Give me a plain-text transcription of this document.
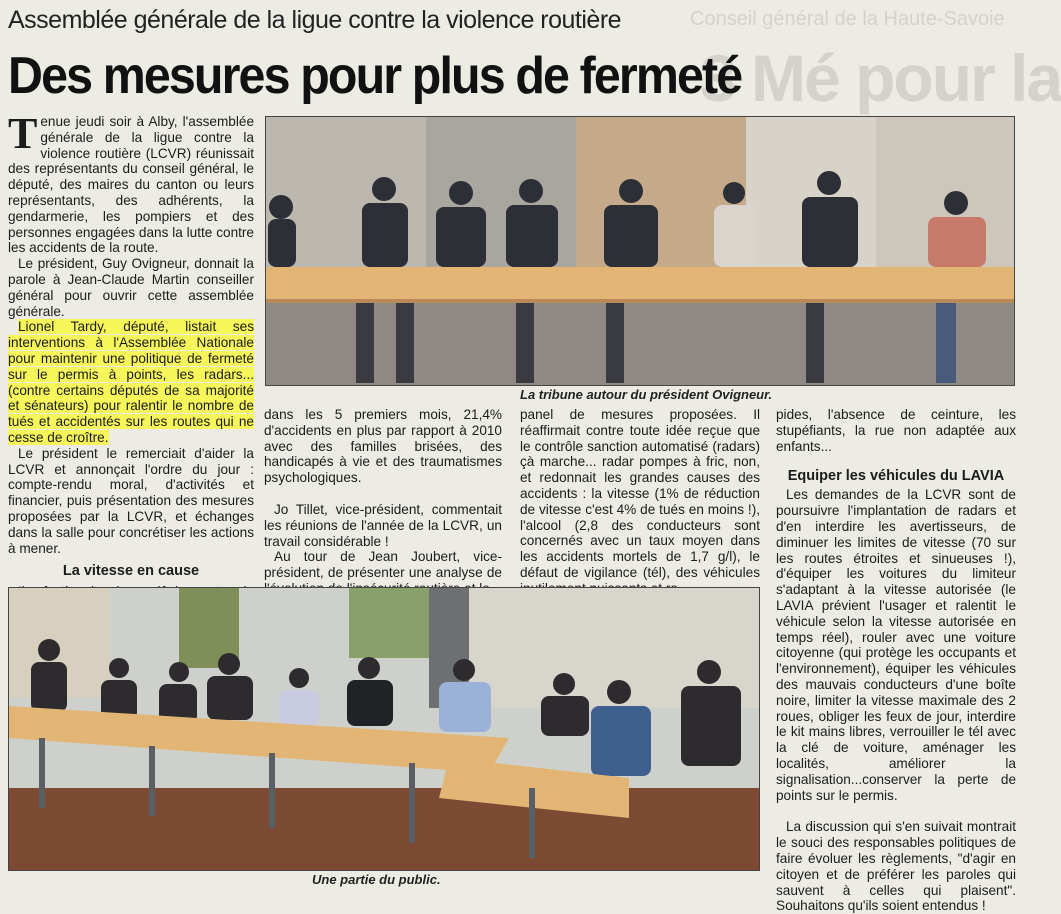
Conseil général de la Haute-Savoie
3 Mé pour la
Assemblée générale de la ligue contre la violence routière
Des mesures pour plus de fermeté

Tenue jeudi soir à Alby, l'assemblée générale de la ligue contre la violence routière (LCVR) réunissait des représentants du conseil général, le député, des maires du canton ou leurs représentants, des adhérents, la gendarmerie, les pompiers et des personnes engagées dans la lutte contre les accidents de la route.

Le président, Guy Ovigneur, donnait la parole à Jean-Claude Martin conseiller général pour ouvrir cette assemblée générale.

Lionel Tardy, député, listait ses interventions à l'Assemblée Nationale pour maintenir une politique de fermeté sur le permis à points, les radars... (contre certains députés de sa majorité et sénateurs) pour ralentir le nombre de tués et accidentés sur les routes qui ne cesse de croître.

Le président le remerciait d'aider la LCVR et annonçait l'ordre du jour : compte-rendu moral, d'activités et financier, puis présentation des mesures proposées par la LCVR, et échanges dans la salle pour concrétiser les actions à mener.

La vitesse en cause

dans les 5 premiers mois, 21,4% d'accidents en plus par rapport à 2010 avec des familles brisées, des handicapés à vie et des traumatismes psychologiques.

Jo Tillet, vice-président, commentait les réunions de l'année de la LCVR, un travail considérable !

Au tour de Jean Joubert, vice-président, de présenter une analyse de

panel de mesures proposées. Il réaffirmait contre toute idée reçue que le contrôle sanction automatisé (radars) çà marche... radar pompes à fric, non, et redonnait les grandes causes des accidents : la vitesse (1% de réduction de vitesse c'est 4% de tués en moins !), l'alcool (2,8 des conducteurs sont concernés avec un taux moyen dans les accidents mortels de 1,7 g/l), le défaut de vigilance (tél), des véhicules

pides, l'absence de ceinture, les stupéfiants, la rue non adaptée aux enfants...

Equiper les véhicules du LAVIA

Les demandes de la LCVR sont de poursuivre l'implantation de radars et d'en interdire les avertisseurs, de diminuer les limites de vitesse (70 sur les routes étroites et sinueuses !), d'équiper les voitures du limiteur s'adaptant à la vitesse autorisée (le LAVIA prévient l'usager et ralentit le véhicule selon la vitesse autorisée en temps réel), rouler avec une voiture citoyenne (qui protège les occupants et l'environnement), équiper les véhicules des mauvais conducteurs d'une boîte noire, limiter la vitesse maximale des 2 roues, obliger les feux de jour, interdire le kit mains libres, verrouiller le tél avec la clé de voiture, aménager les localités, améliorer la signalisation...conserver la perte de points sur le permis.

La discussion qui s'en suivait montrait le souci des responsables politiques de faire évoluer les règlements, "d'agir en citoyen et de préférer les paroles qui sauvent à celles qui plaisent". Souhaitons qu'ils soient entendus !

La tribune autour du président Ovigneur.
Une partie du public.
